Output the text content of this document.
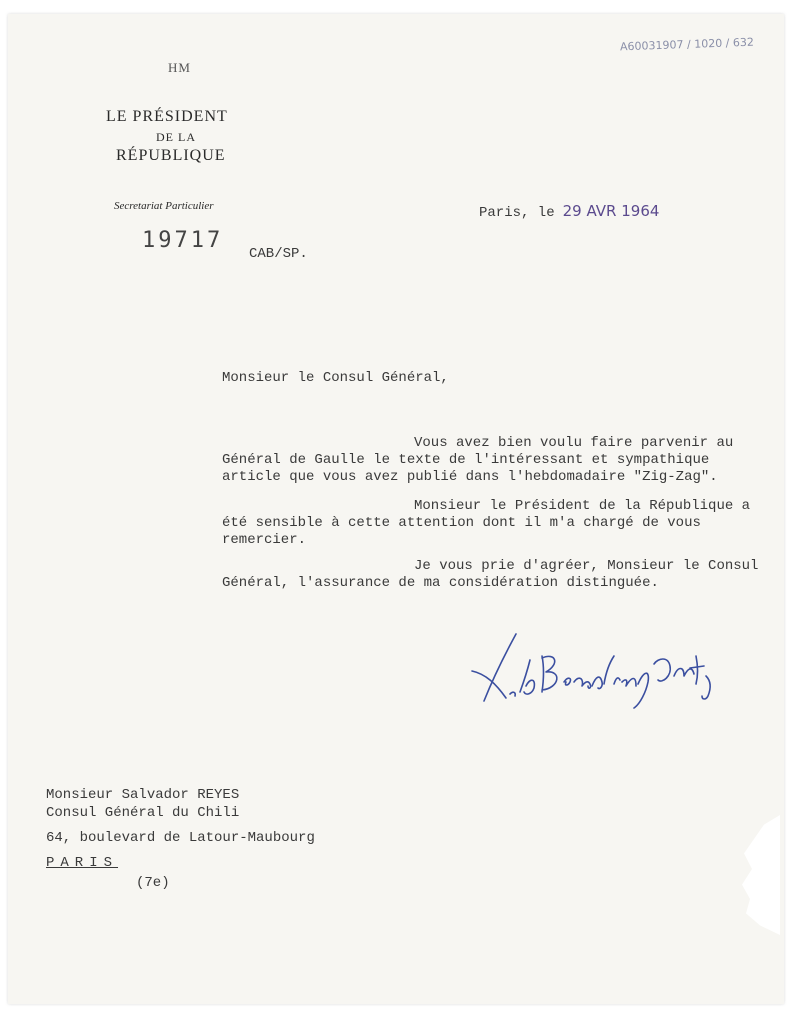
A60031907 / 1020 / 632
HM
LE PRÉSIDENT
DE LA
RÉPUBLIQUE
Secretariat Particulier
19717
CAB/SP.
Paris, le 29 AVR 1964
Monsieur le Consul Général,
Vous avez bien voulu faire parvenir au Général de Gaulle le texte de l'intéressant et sympathique article que vous avez publié dans l'hebdomadaire "Zig-Zag".
Monsieur le Président de la République a été sensible à cette attention dont il m'a chargé de vous remercier.
Je vous prie d'agréer, Monsieur le Consul Général, l'assurance de ma considération distinguée.
Monsieur Salvador REYES
Consul Général du Chili
64, boulevard de Latour-Maubourg
PARIS
(7e)
